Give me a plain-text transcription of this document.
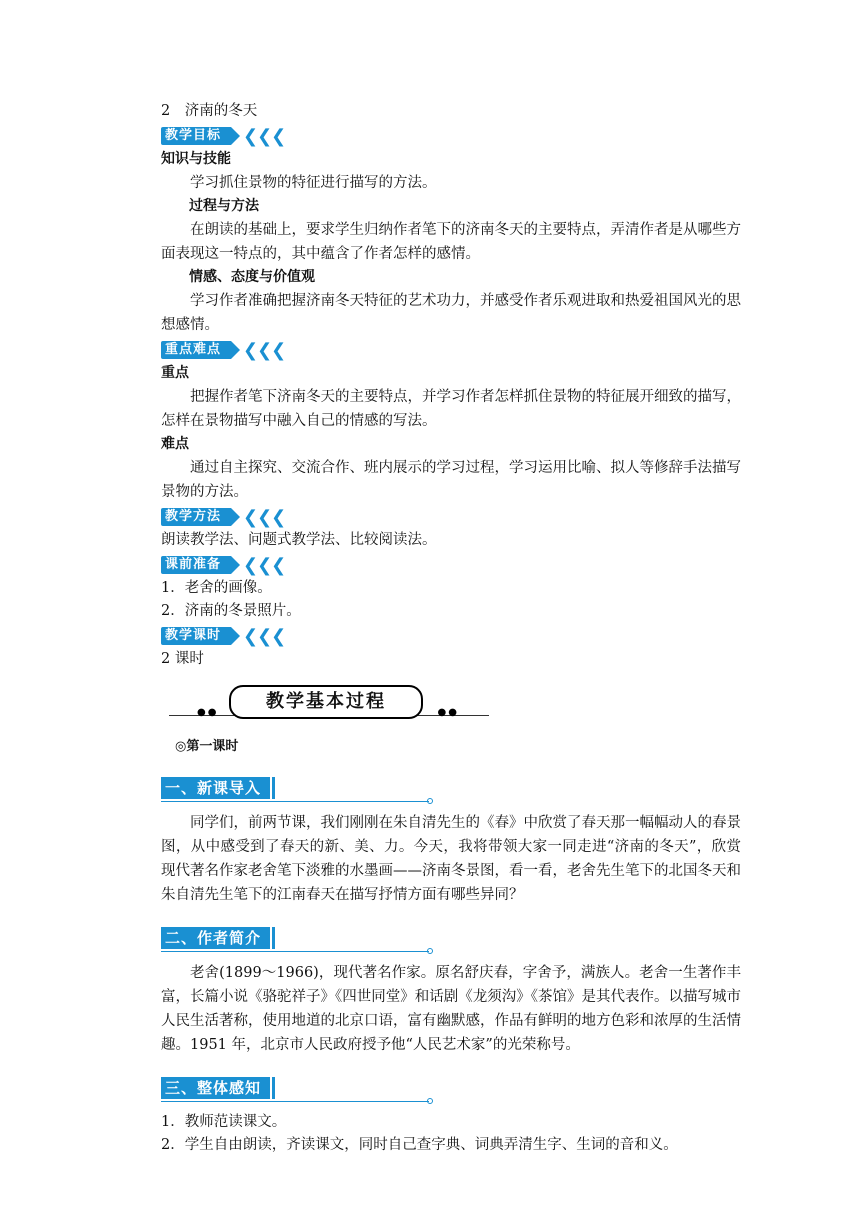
2　济南的冬天

教学目标	❮❮❮

知识与技能

学习抓住景物的特征进行描写的方法。

过程与方法

在朗读的基础上，要求学生归纳作者笔下的济南冬天的主要特点，弄清作者是从哪些方面表现这一特点的，其中蕴含了作者怎样的感情。

情感、态度与价值观

学习作者准确把握济南冬天特征的艺术功力，并感受作者乐观进取和热爱祖国风光的思想感情。

重点难点	❮❮❮

重点

把握作者笔下济南冬天的主要特点，并学习作者怎样抓住景物的特征展开细致的描写，怎样在景物描写中融入自己的情感的写法。

难点

通过自主探究、交流合作、班内展示的学习过程，学习运用比喻、拟人等修辞手法描写景物的方法。

教学方法	❮❮❮

朗读教学法、问题式教学法、比较阅读法。

课前准备	❮❮❮

1．老舍的画像。

2．济南的冬景照片。

教学课时	❮❮❮

2 课时

●●	●●
教学基本过程
◎第一课时
一、新课导入

同学们，前两节课，我们刚刚在朱自清先生的《春》中欣赏了春天那一幅幅动人的春景图，从中感受到了春天的新、美、力。今天，我将带领大家一同走进“济南的冬天”，欣赏现代著名作家老舍笔下淡雅的水墨画——济南冬景图，看一看，老舍先生笔下的北国冬天和朱自清先生笔下的江南春天在描写抒情方面有哪些异同？

二、作者简介

老舍(1899～1966)，现代著名作家。原名舒庆春，字舍予，满族人。老舍一生著作丰富，长篇小说《骆驼祥子》《四世同堂》和话剧《龙须沟》《茶馆》是其代表作。以描写城市人民生活著称，使用地道的北京口语，富有幽默感，作品有鲜明的地方色彩和浓厚的生活情趣。1951 年，北京市人民政府授予他“人民艺术家”的光荣称号。

三、整体感知

1．教师范读课文。

2．学生自由朗读，齐读课文，同时自己查字典、词典弄清生字、生词的音和义。
